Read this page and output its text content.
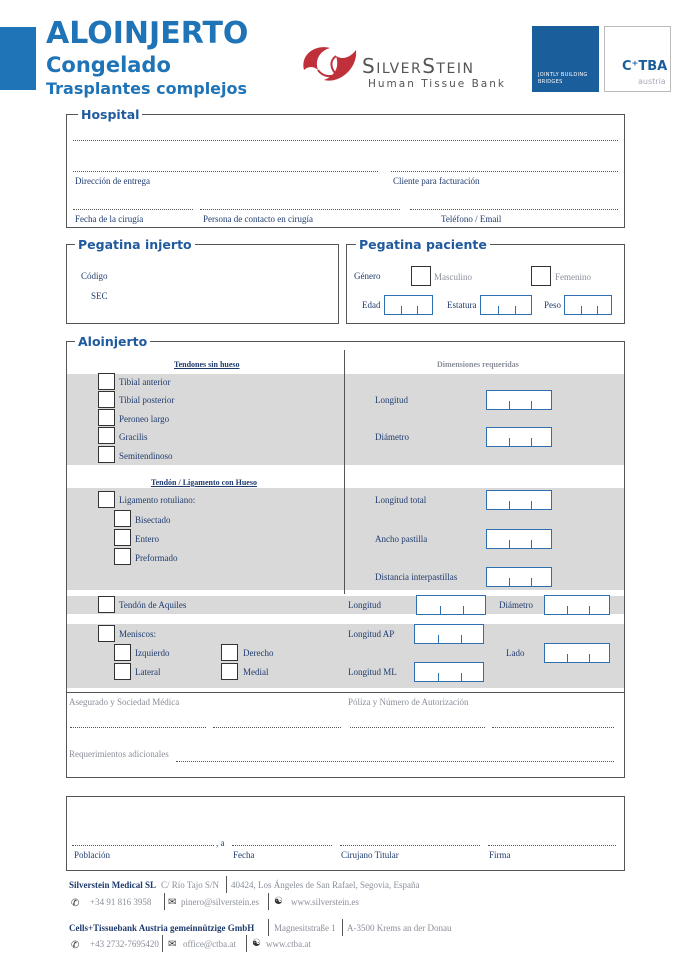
ALOINJERTO
Congelado
Trasplantes complejos
SilverStein
Human Tissue Bank
JOINTLY BUILDING BRIDGES
C⁺TBA
austria
Hospital
Dirección de entrega	Cliente para facturación
Fecha de la cirugía	Persona de contacto en cirugía	Teléfono / Email
Pegatina injerto
Código
SEC
Pegatina paciente
Género	Masculino	Femenino
Edad	Estatura	Peso
Aloinjerto
Tendones sin hueso	Dimensiones requeridas
Tibial anterior
Tibial posterior
Peroneo largo
Gracilis
Semitendinoso
Longitud
Diámetro
Tendón / Ligamento con Hueso
Ligamento rotuliano:
Bisectado
Entero
Preformado
Longitud total
Ancho pastilla
Distancia interpastillas
Tendón de Aquiles	Longitud	Diámetro
Meniscos:	Longitud AP
Izquierdo	Derecho	Lado
Lateral	Medial	Longitud ML
Asegurado y Sociedad Médica	Póliza y Número de Autorización
Requerimientos adicionales
, a
Población	Fecha	Cirujano Titular	Firma
Silverstein Medical SL C/ Río Tajo S/N 40424, Los Ángeles de San Rafael, Segovia, España
✆ +34 91 816 3958 ✉ pinero@silverstein.es ☯ www.silverstein.es
Cells+Tissuebank Austria gemeinnützige GmbH Magnesitstraße 1 A-3500 Krems an der Donau
✆ +43 2732-7695420 ✉ office@ctba.at ☯ www.ctba.at
